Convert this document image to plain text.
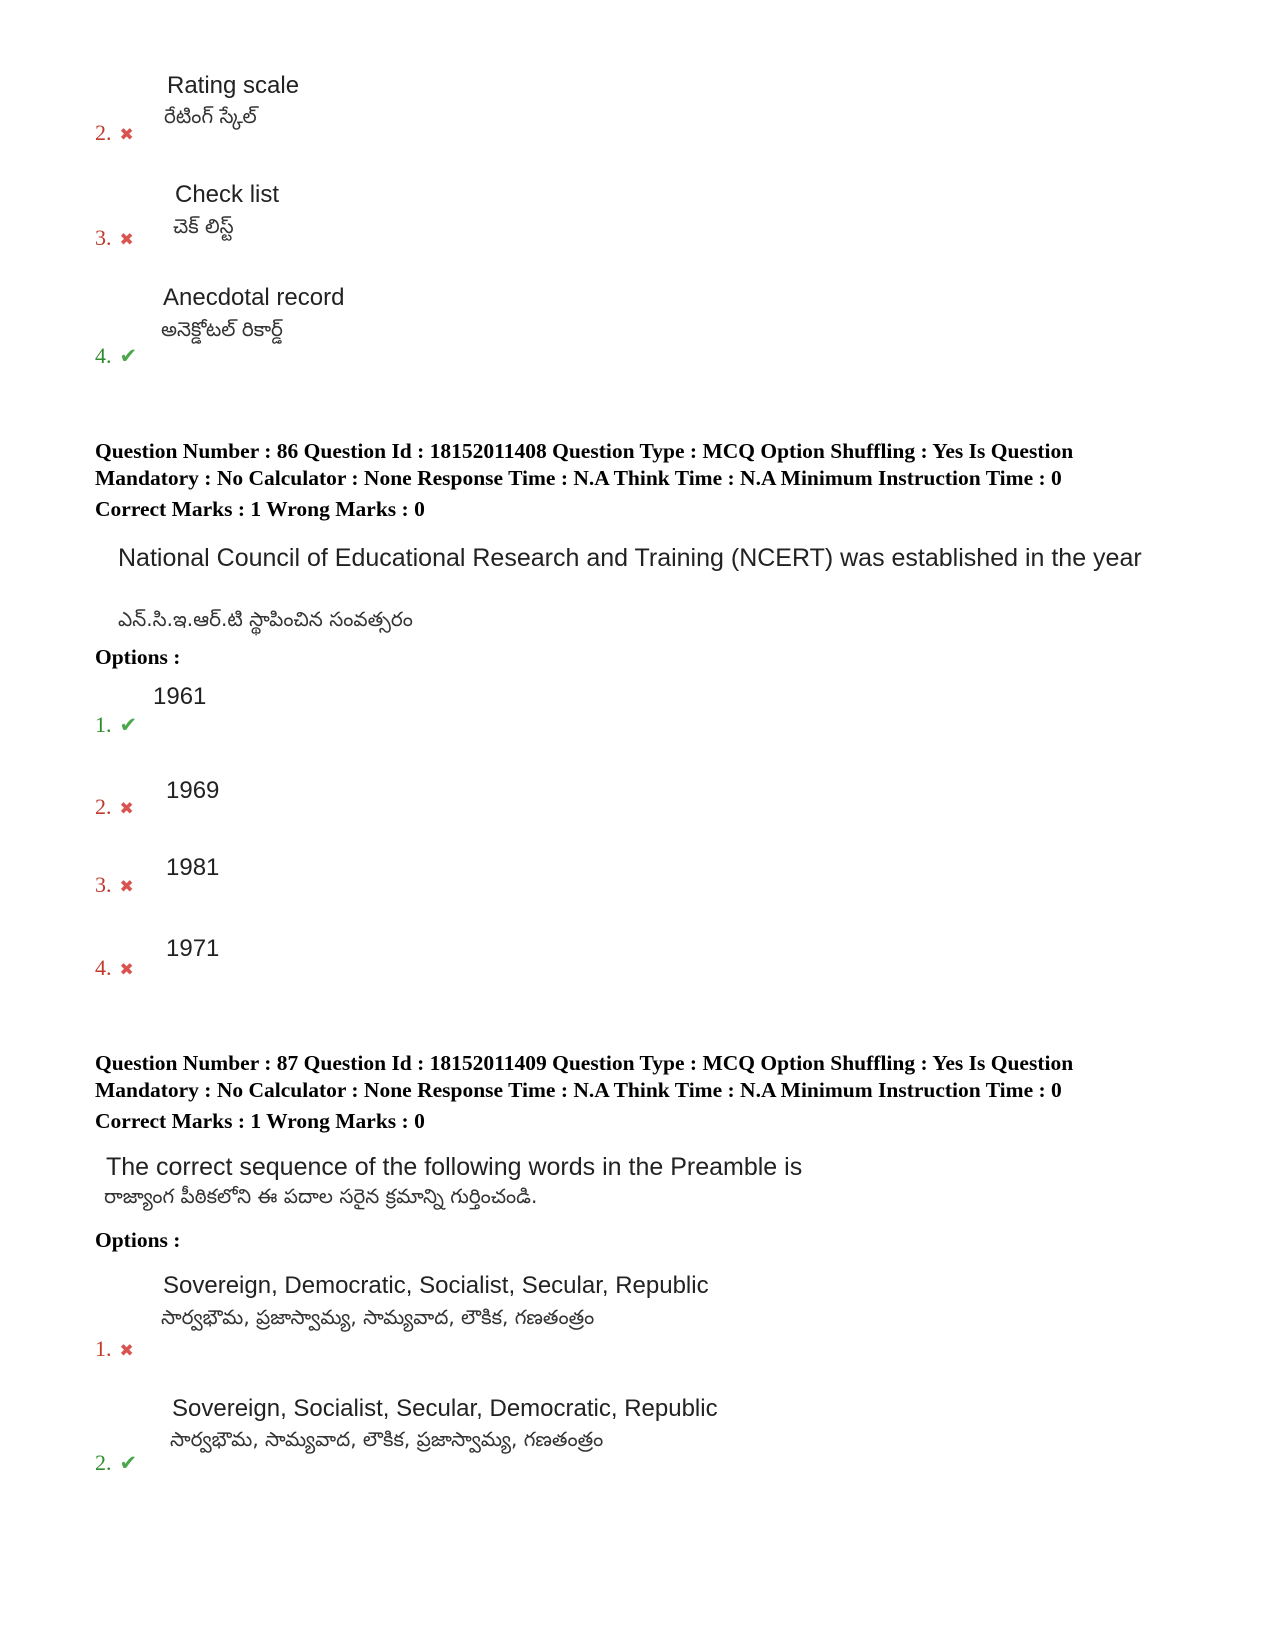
Rating scale
రేటింగ్ స్కేల్
2. ✖
Check list
చెక్ లిస్ట్
3. ✖
Anecdotal record
అనెక్డోటల్ రికార్డ్
4. ✔
Question Number : 86 Question Id : 18152011408 Question Type : MCQ Option Shuffling : Yes Is Question
Mandatory : No Calculator : None Response Time : N.A Think Time : N.A Minimum Instruction Time : 0
Correct Marks : 1 Wrong Marks : 0
National Council of Educational Research and Training (NCERT) was established in the year
ఎన్.సి.ఇ.ఆర్.టి స్థాపించిన సంవత్సరం
Options :
1961
1. ✔
1969
2. ✖
1981
3. ✖
1971
4. ✖
Question Number : 87 Question Id : 18152011409 Question Type : MCQ Option Shuffling : Yes Is Question
Mandatory : No Calculator : None Response Time : N.A Think Time : N.A Minimum Instruction Time : 0
Correct Marks : 1 Wrong Marks : 0
The correct sequence of the following words in the Preamble is
రాజ్యాంగ పీఠికలోని ఈ పదాల సరైన క్రమాన్ని గుర్తించండి.
Options :
Sovereign, Democratic, Socialist, Secular, Republic
సార్వభౌమ, ప్రజాస్వామ్య, సామ్యవాద, లౌకిక, గణతంత్రం
1. ✖
Sovereign, Socialist, Secular, Democratic, Republic
సార్వభౌమ, సామ్యవాద, లౌకిక, ప్రజాస్వామ్య, గణతంత్రం
2. ✔
